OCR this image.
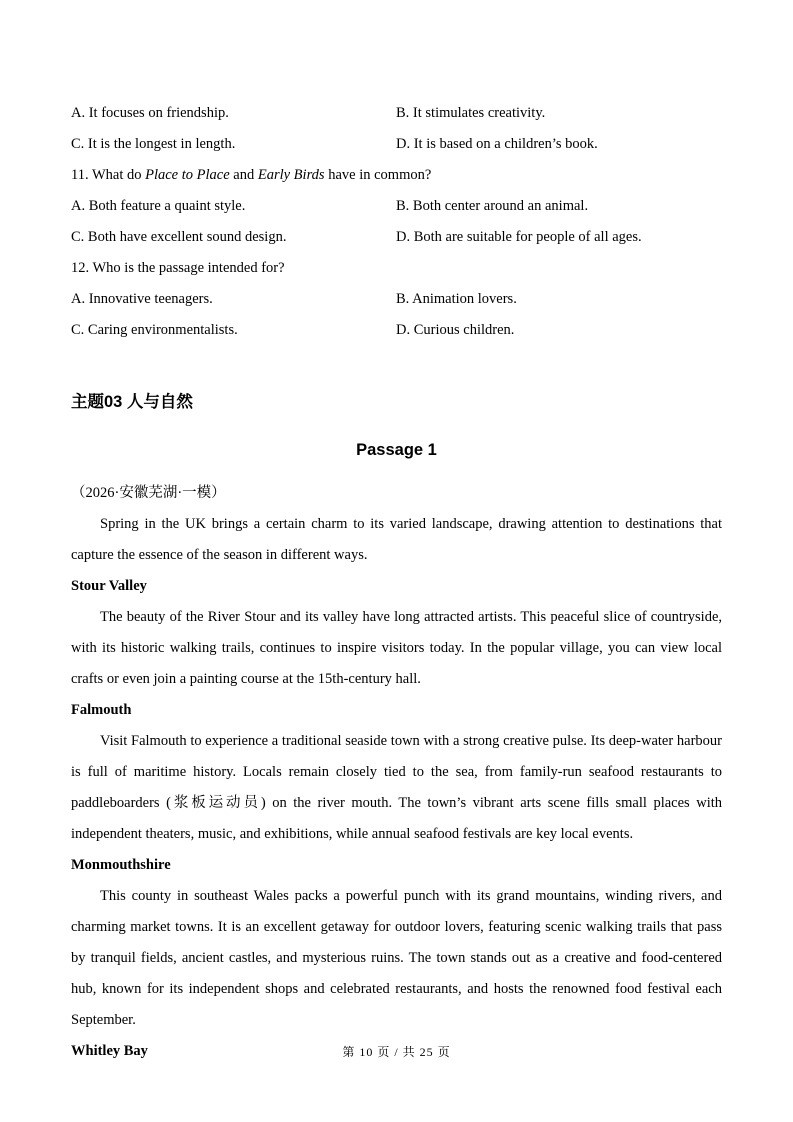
A. It focuses on friendship.	B. It stimulates creativity.
C. It is the longest in length.	D. It is based on a children’s book.
11. What do Place to Place and Early Birds have in common?
A. Both feature a quaint style.	B. Both center around an animal.
C. Both have excellent sound design.	D. Both are suitable for people of all ages.
12. Who is the passage intended for?
A. Innovative teenagers.	B. Animation lovers.
C. Caring environmentalists.	D. Curious children.
主题03 人与自然
Passage 1
（2026·安徽芜湖·一模）

Spring in the UK brings a certain charm to its varied landscape, drawing attention to destinations that capture the essence of the season in different ways.

Stour Valley

The beauty of the River Stour and its valley have long attracted artists. This peaceful slice of countryside, with its historic walking trails, continues to inspire visitors today. In the popular village, you can view local crafts or even join a painting course at the 15th-century hall.

Falmouth

Visit Falmouth to experience a traditional seaside town with a strong creative pulse. Its deep-water harbour is full of maritime history. Locals remain closely tied to the sea, from family-run seafood restaurants to paddleboarders (浆板运动员) on the river mouth. The town’s vibrant arts scene fills small places with independent theaters, music, and exhibitions, while annual seafood festivals are key local events.

Monmouthshire

This county in southeast Wales packs a powerful punch with its grand mountains, winding rivers, and charming market towns. It is an excellent getaway for outdoor lovers, featuring scenic walking trails that pass by tranquil fields, ancient castles, and mysterious ruins. The town stands out as a creative and food-centered hub, known for its independent shops and celebrated restaurants, and hosts the renowned food festival each September.

Whitley Bay	第 10 页 / 共 25 页
